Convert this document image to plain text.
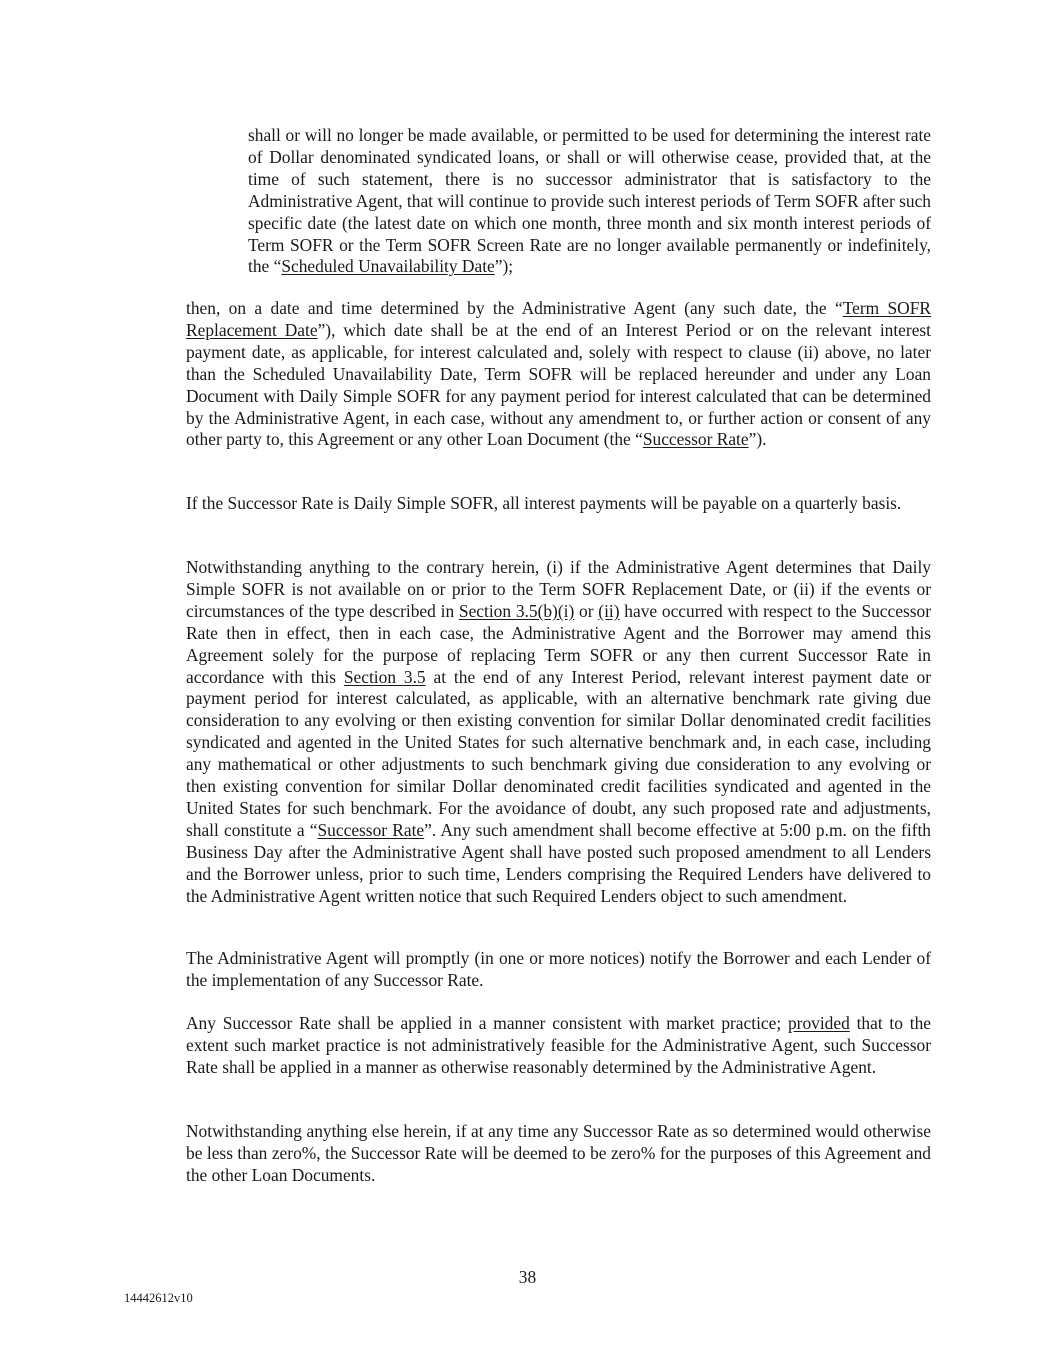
shall or will no longer be made available, or permitted to be used for determining the interest rate of Dollar denominated syndicated loans, or shall or will otherwise cease, provided that, at the time of such statement, there is no successor administrator that is satisfactory to the Administrative Agent, that will continue to provide such interest periods of Term SOFR after such specific date (the latest date on which one month, three month and six month interest periods of Term SOFR or the Term SOFR Screen Rate are no longer available permanently or indefinitely, the “Scheduled Unavailability Date”);

then, on a date and time determined by the Administrative Agent (any such date, the “Term SOFR Replacement Date”), which date shall be at the end of an Interest Period or on the relevant interest payment date, as applicable, for interest calculated and, solely with respect to clause (ii) above, no later than the Scheduled Unavailability Date, Term SOFR will be replaced hereunder and under any Loan Document with Daily Simple SOFR for any payment period for interest calculated that can be determined by the Administrative Agent, in each case, without any amendment to, or further action or consent of any other party to, this Agreement or any other Loan Document (the “Successor Rate”).

If the Successor Rate is Daily Simple SOFR, all interest payments will be payable on a quarterly basis.

Notwithstanding anything to the contrary herein, (i) if the Administrative Agent determines that Daily Simple SOFR is not available on or prior to the Term SOFR Replacement Date, or (ii) if the events or circumstances of the type described in Section 3.5(b)(i) or (ii) have occurred with respect to the Successor Rate then in effect, then in each case, the Administrative Agent and the Borrower may amend this Agreement solely for the purpose of replacing Term SOFR or any then current Successor Rate in accordance with this Section 3.5 at the end of any Interest Period, relevant interest payment date or payment period for interest calculated, as applicable, with an alternative benchmark rate giving due consideration to any evolving or then existing convention for similar Dollar denominated credit facilities syndicated and agented in the United States for such alternative benchmark and, in each case, including any mathematical or other adjustments to such benchmark giving due consideration to any evolving or then existing convention for similar Dollar denominated credit facilities syndicated and agented in the United States for such benchmark. For the avoidance of doubt, any such proposed rate and adjustments, shall constitute a “Successor Rate”. Any such amendment shall become effective at 5:00 p.m. on the fifth Business Day after the Administrative Agent shall have posted such proposed amendment to all Lenders and the Borrower unless, prior to such time, Lenders comprising the Required Lenders have delivered to the Administrative Agent written notice that such Required Lenders object to such amendment.

The Administrative Agent will promptly (in one or more notices) notify the Borrower and each Lender of the implementation of any Successor Rate.

Any Successor Rate shall be applied in a manner consistent with market practice; provided that to the extent such market practice is not administratively feasible for the Administrative Agent, such Successor Rate shall be applied in a manner as otherwise reasonably determined by the Administrative Agent.

Notwithstanding anything else herein, if at any time any Successor Rate as so determined would otherwise be less than zero%, the Successor Rate will be deemed to be zero% for the purposes of this Agreement and the other Loan Documents.

38
14442612v10
